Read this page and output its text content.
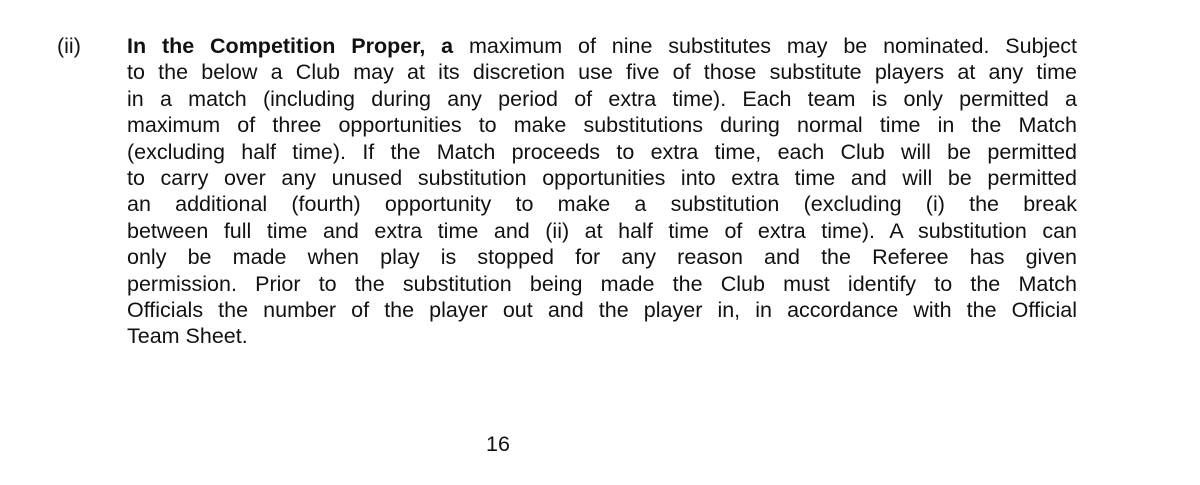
(ii) In the Competition Proper, a maximum of nine substitutes may be nominated. Subject
to the below a Club may at its discretion use five of those substitute players at any time
in a match (including during any period of extra time). Each team is only permitted a
maximum of three opportunities to make substitutions during normal time in the Match
(excluding half time). If the Match proceeds to extra time, each Club will be permitted
to carry over any unused substitution opportunities into extra time and will be permitted
an additional (fourth) opportunity to make a substitution (excluding (i) the break
between full time and extra time and (ii) at half time of extra time). A substitution can
only be made when play is stopped for any reason and the Referee has given
permission. Prior to the substitution being made the Club must identify to the Match
Officials the number of the player out and the player in, in accordance with the Official
Team Sheet.
16
